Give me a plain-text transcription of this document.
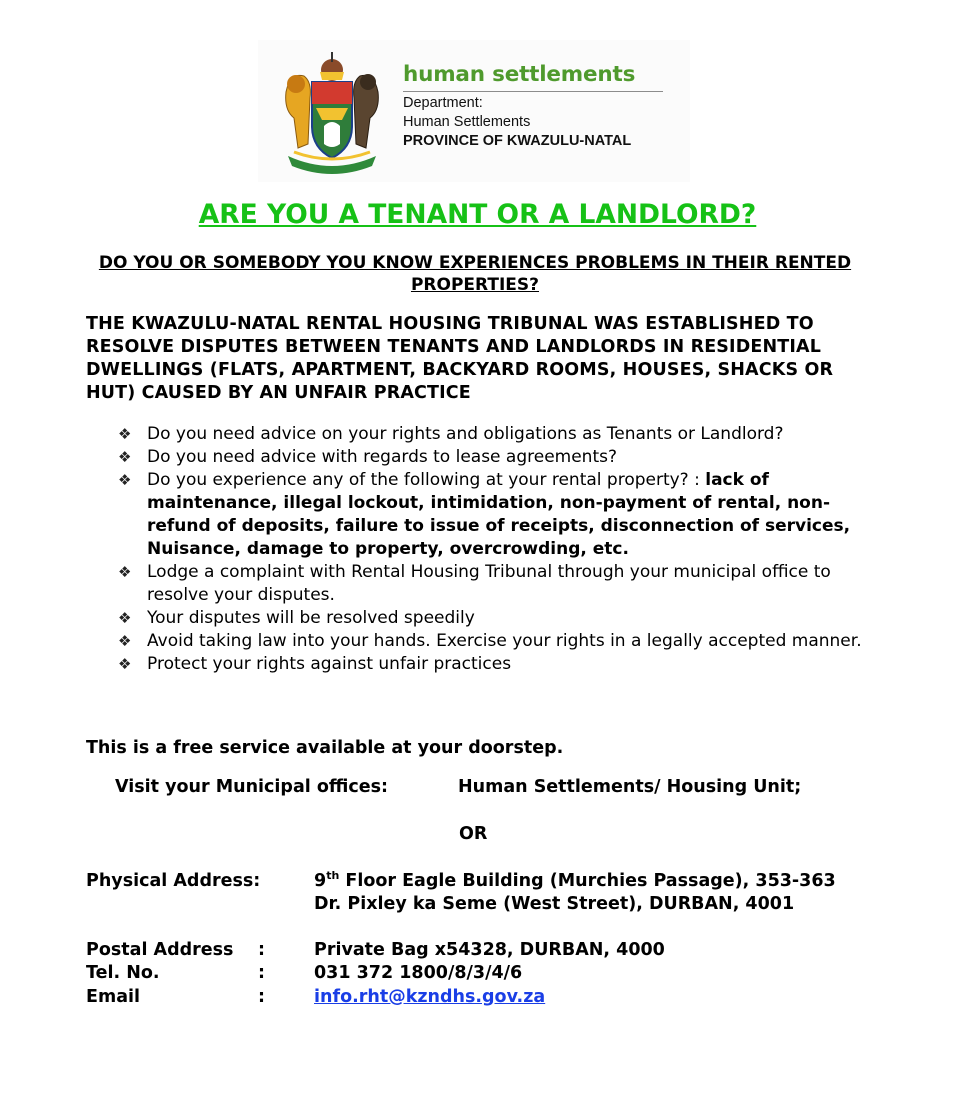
human settlements
Department:
Human Settlements
PROVINCE OF KWAZULU-NATAL
ARE YOU A TENANT OR A LANDLORD?
DO YOU OR SOMEBODY YOU KNOW EXPERIENCES PROBLEMS IN THEIR RENTED PROPERTIES?
THE KWAZULU-NATAL RENTAL HOUSING TRIBUNAL WAS ESTABLISHED TO RESOLVE DISPUTES BETWEEN TENANTS AND LANDLORDS IN RESIDENTIAL DWELLINGS (FLATS, APARTMENT, BACKYARD ROOMS, HOUSES, SHACKS OR HUT) CAUSED BY AN UNFAIR PRACTICE
❖ Do you need advice on your rights and obligations as Tenants or Landlord?
❖ Do you need advice with regards to lease agreements?
❖ Do you experience any of the following at your rental property? : lack of maintenance, illegal lockout, intimidation, non-payment of rental, non-refund of deposits, failure to issue of receipts, disconnection of services, Nuisance, damage to property, overcrowding, etc.
❖ Lodge a complaint with Rental Housing Tribunal through your municipal office to resolve your disputes.
❖ Your disputes will be resolved speedily
❖ Avoid taking law into your hands. Exercise your rights in a legally accepted manner.
❖ Protect your rights against unfair practices
This is a free service available at your doorstep.
Visit your Municipal offices:	Human Settlements/ Housing Unit;
OR
Physical Address:	9th Floor Eagle Building (Murchies Passage), 353-363 Dr. Pixley ka Seme (West Street), DURBAN, 4001
Postal Address :	Private Bag x54328, DURBAN, 4000
Tel. No.	:	031 372 1800/8/3/4/6
Email	:	info.rht@kzndhs.gov.za
